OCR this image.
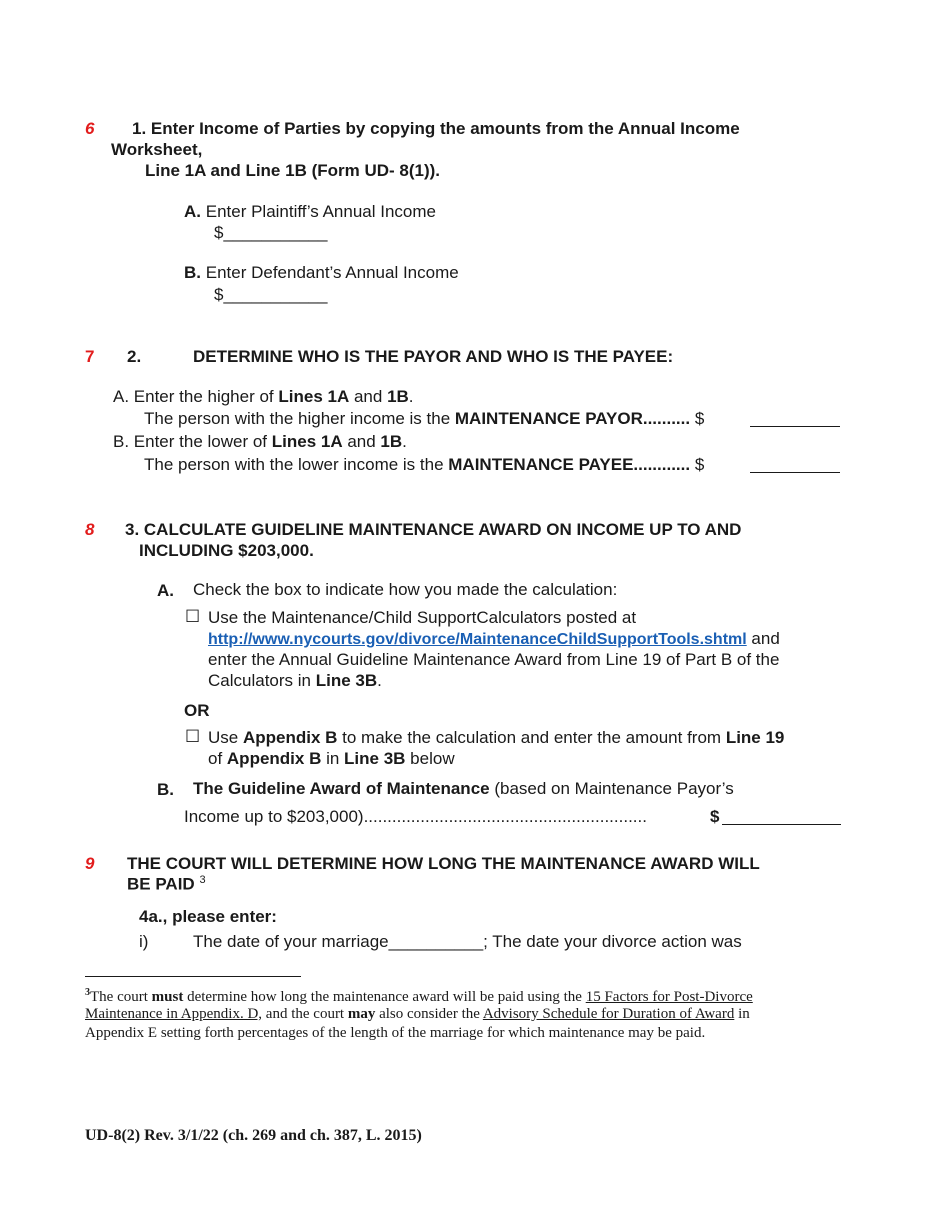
6 1. Enter Income of Parties by copying the amounts from the Annual Income
Worksheet,
Line 1A and Line 1B (Form UD- 8(1)).
A. Enter Plaintiff’s Annual Income
$___________
B. Enter Defendant’s Annual Income
$___________
7 2.	DETERMINE WHO IS THE PAYOR AND WHO IS THE PAYEE:
A. Enter the higher of Lines 1A and 1B.
The person with the higher income is the MAINTENANCE PAYOR.......... $
B. Enter the lower of Lines 1A and 1B.
The person with the lower income is the MAINTENANCE PAYEE............ $
8 3. CALCULATE GUIDELINE MAINTENANCE AWARD ON INCOME UP TO AND
INCLUDING $203,000.
A. Check the box to indicate how you made the calculation:
☐ Use the Maintenance/Child SupportCalculators posted at
http://www.nycourts.gov/divorce/MaintenanceChildSupportTools.shtml and
enter the Annual Guideline Maintenance Award from Line 19 of Part B of the
Calculators in Line 3B.
OR
☐ Use Appendix B to make the calculation and enter the amount from Line 19
of Appendix B in Line 3B below
B. The Guideline Award of Maintenance (based on Maintenance Payor’s
Income up to $203,000)............................................................	$
9 THE COURT WILL DETERMINE HOW LONG THE MAINTENANCE AWARD WILL
BE PAID $^3$
4a., please enter:
i)	The date of your marriage__________; The date your divorce action was
$^3$The court must determine how long the maintenance award will be paid using the 15 Factors for Post-Divorce
Maintenance in Appendix. D, and the court may also consider the Advisory Schedule for Duration of Award in
Appendix E setting forth percentages of the length of the marriage for which maintenance may be paid.
UD-8(2) Rev. 3/1/22 (ch. 269 and ch. 387, L. 2015)
